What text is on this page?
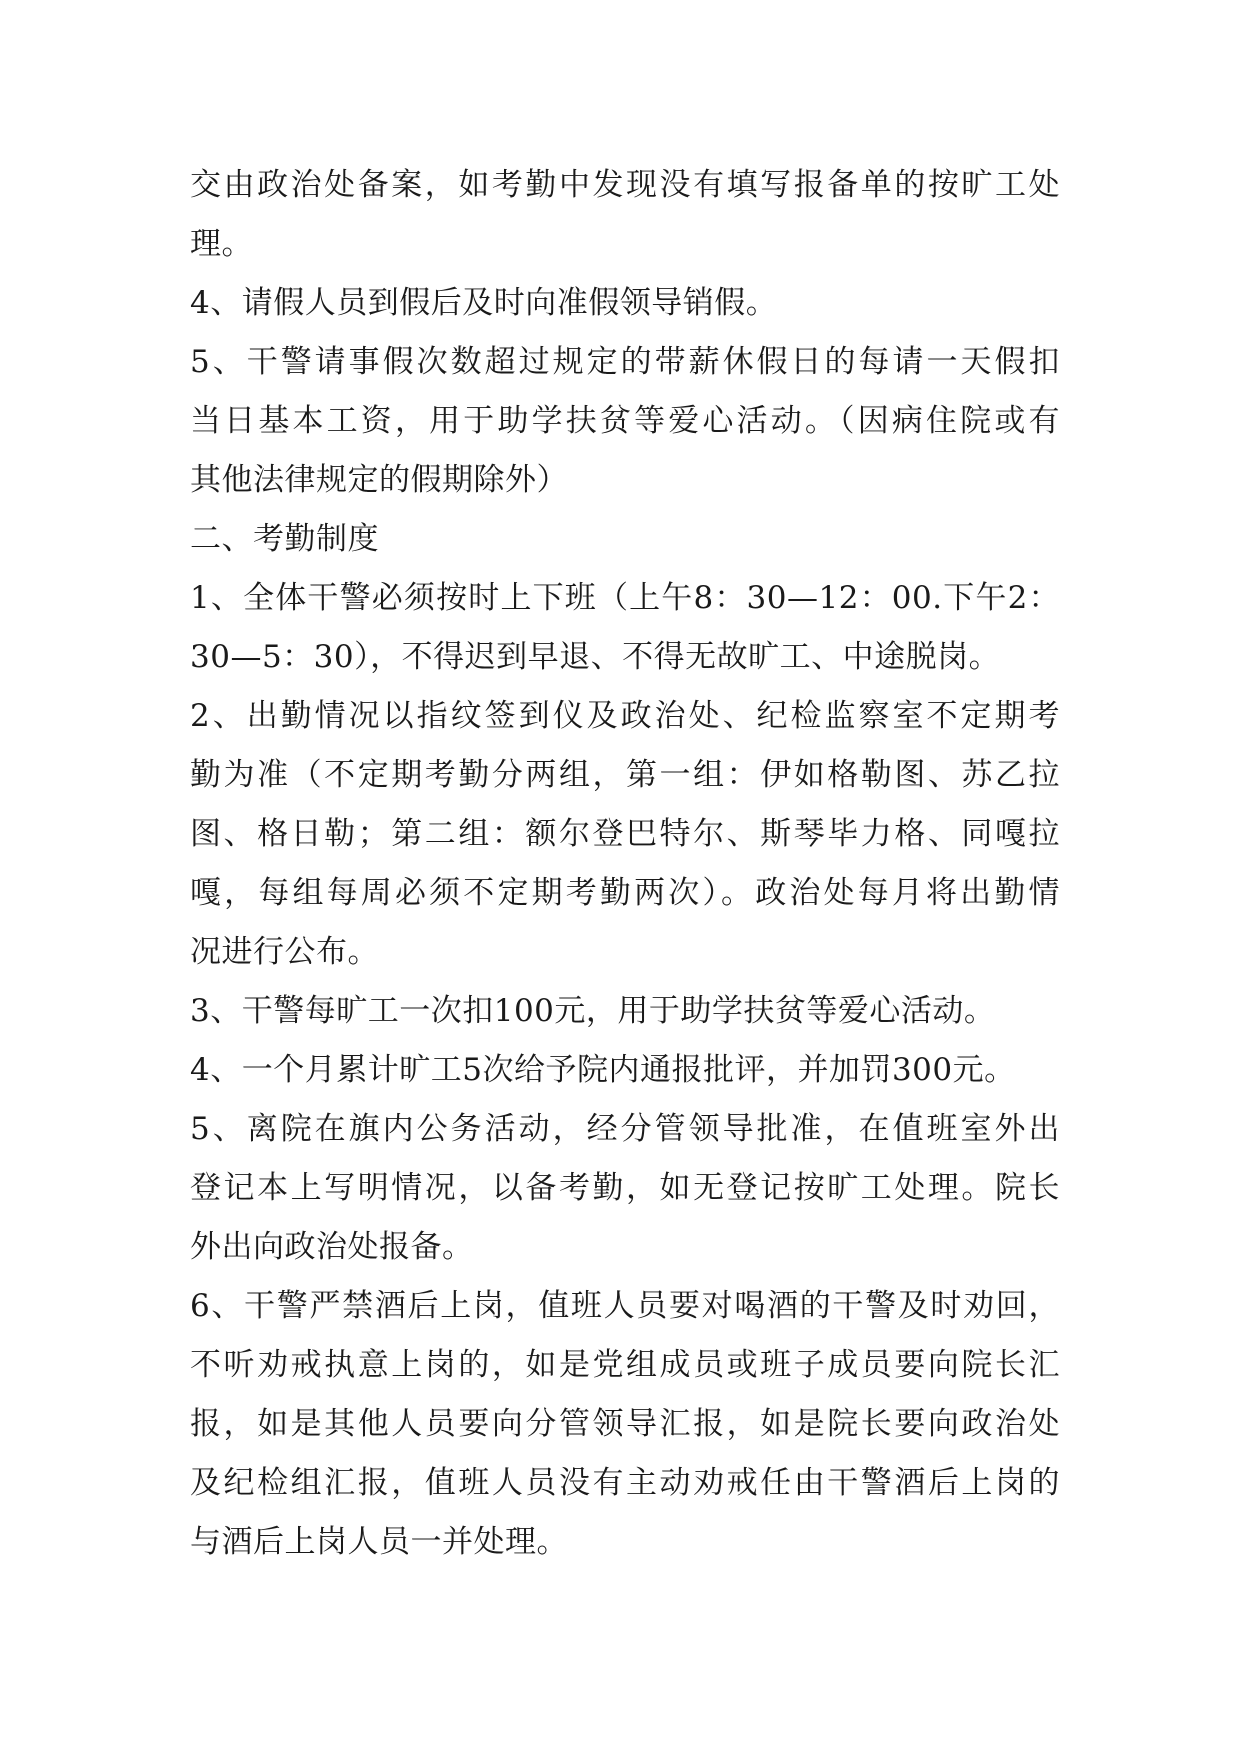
交由政治处备案，如考勤中发现没有填写报备单的按旷工处
理。
4、请假人员到假后及时向准假领导销假。
5、干警请事假次数超过规定的带薪休假日的每请一天假扣
当日基本工资，用于助学扶贫等爱心活动。（因病住院或有
其他法律规定的假期除外）
二、考勤制度
1、全体干警必须按时上下班（上午8：30—12：00.下午2：
30—5：30），不得迟到早退、不得无故旷工、中途脱岗。
2、出勤情况以指纹签到仪及政治处、纪检监察室不定期考
勤为准（不定期考勤分两组，第一组：伊如格勒图、苏乙拉
图、格日勒；第二组：额尔登巴特尔、斯琴毕力格、同嘎拉
嘎，每组每周必须不定期考勤两次）。政治处每月将出勤情
况进行公布。
3、干警每旷工一次扣100元，用于助学扶贫等爱心活动。
4、一个月累计旷工5次给予院内通报批评，并加罚300元。
5、离院在旗内公务活动，经分管领导批准，在值班室外出
登记本上写明情况，以备考勤，如无登记按旷工处理。院长
外出向政治处报备。
6、干警严禁酒后上岗，值班人员要对喝酒的干警及时劝回，
不听劝戒执意上岗的，如是党组成员或班子成员要向院长汇
报，如是其他人员要向分管领导汇报，如是院长要向政治处
及纪检组汇报，值班人员没有主动劝戒任由干警酒后上岗的
与酒后上岗人员一并处理。
